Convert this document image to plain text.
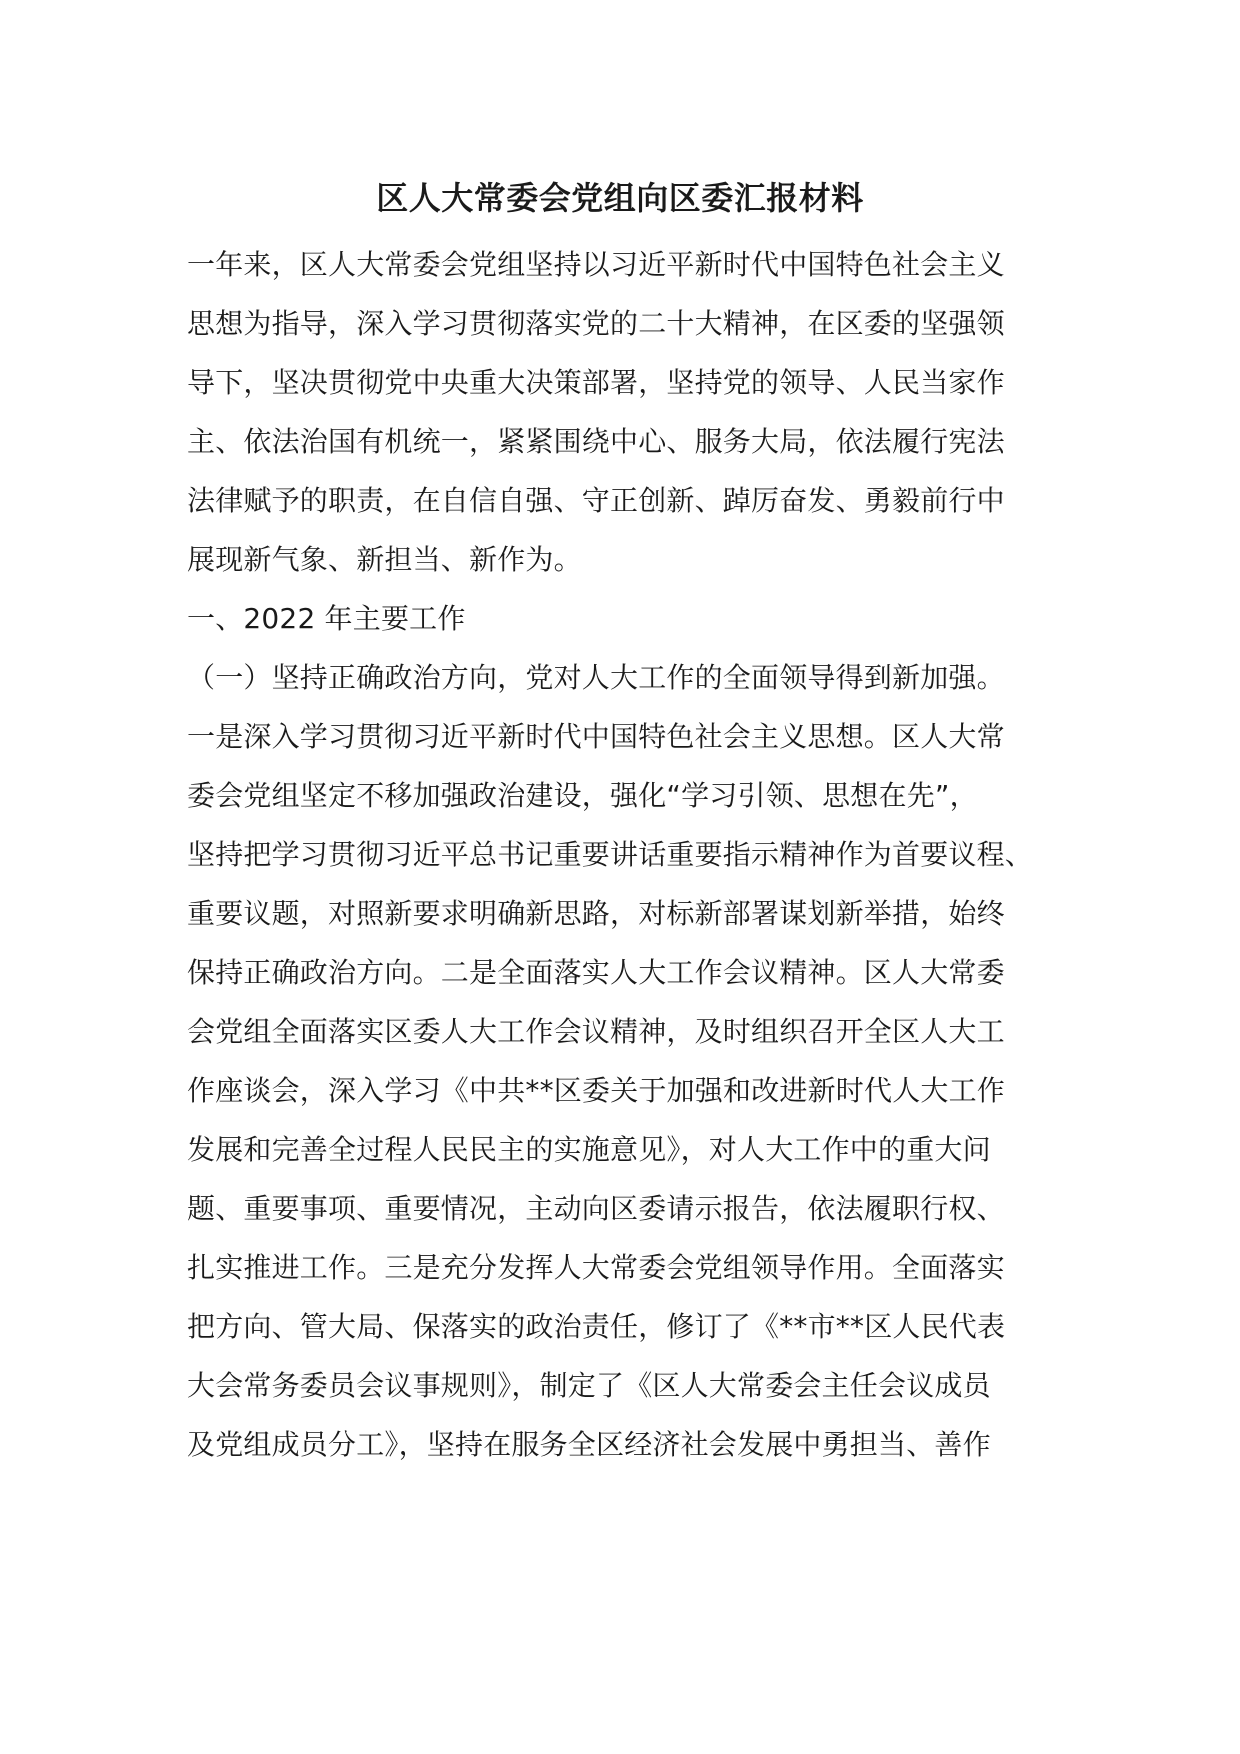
区人大常委会党组向区委汇报材料
一年来，区人大常委会党组坚持以习近平新时代中国特色社会主义
思想为指导，深入学习贯彻落实党的二十大精神，在区委的坚强领
导下，坚决贯彻党中央重大决策部署，坚持党的领导、人民当家作
主、依法治国有机统一，紧紧围绕中心、服务大局，依法履行宪法
法律赋予的职责，在自信自强、守正创新、踔厉奋发、勇毅前行中
展现新气象、新担当、新作为。
一、2022 年主要工作
（一）坚持正确政治方向，党对人大工作的全面领导得到新加强。
一是深入学习贯彻习近平新时代中国特色社会主义思想。区人大常
委会党组坚定不移加强政治建设，强化“学习引领、思想在先”，
坚持把学习贯彻习近平总书记重要讲话重要指示精神作为首要议程、
重要议题，对照新要求明确新思路，对标新部署谋划新举措，始终
保持正确政治方向。二是全面落实人大工作会议精神。区人大常委
会党组全面落实区委人大工作会议精神，及时组织召开全区人大工
作座谈会，深入学习《中共**区委关于加强和改进新时代人大工作
发展和完善全过程人民民主的实施意见》，对人大工作中的重大问
题、重要事项、重要情况，主动向区委请示报告，依法履职行权、
扎实推进工作。三是充分发挥人大常委会党组领导作用。全面落实
把方向、管大局、保落实的政治责任，修订了《**市**区人民代表
大会常务委员会议事规则》，制定了《区人大常委会主任会议成员
及党组成员分工》，坚持在服务全区经济社会发展中勇担当、善作
